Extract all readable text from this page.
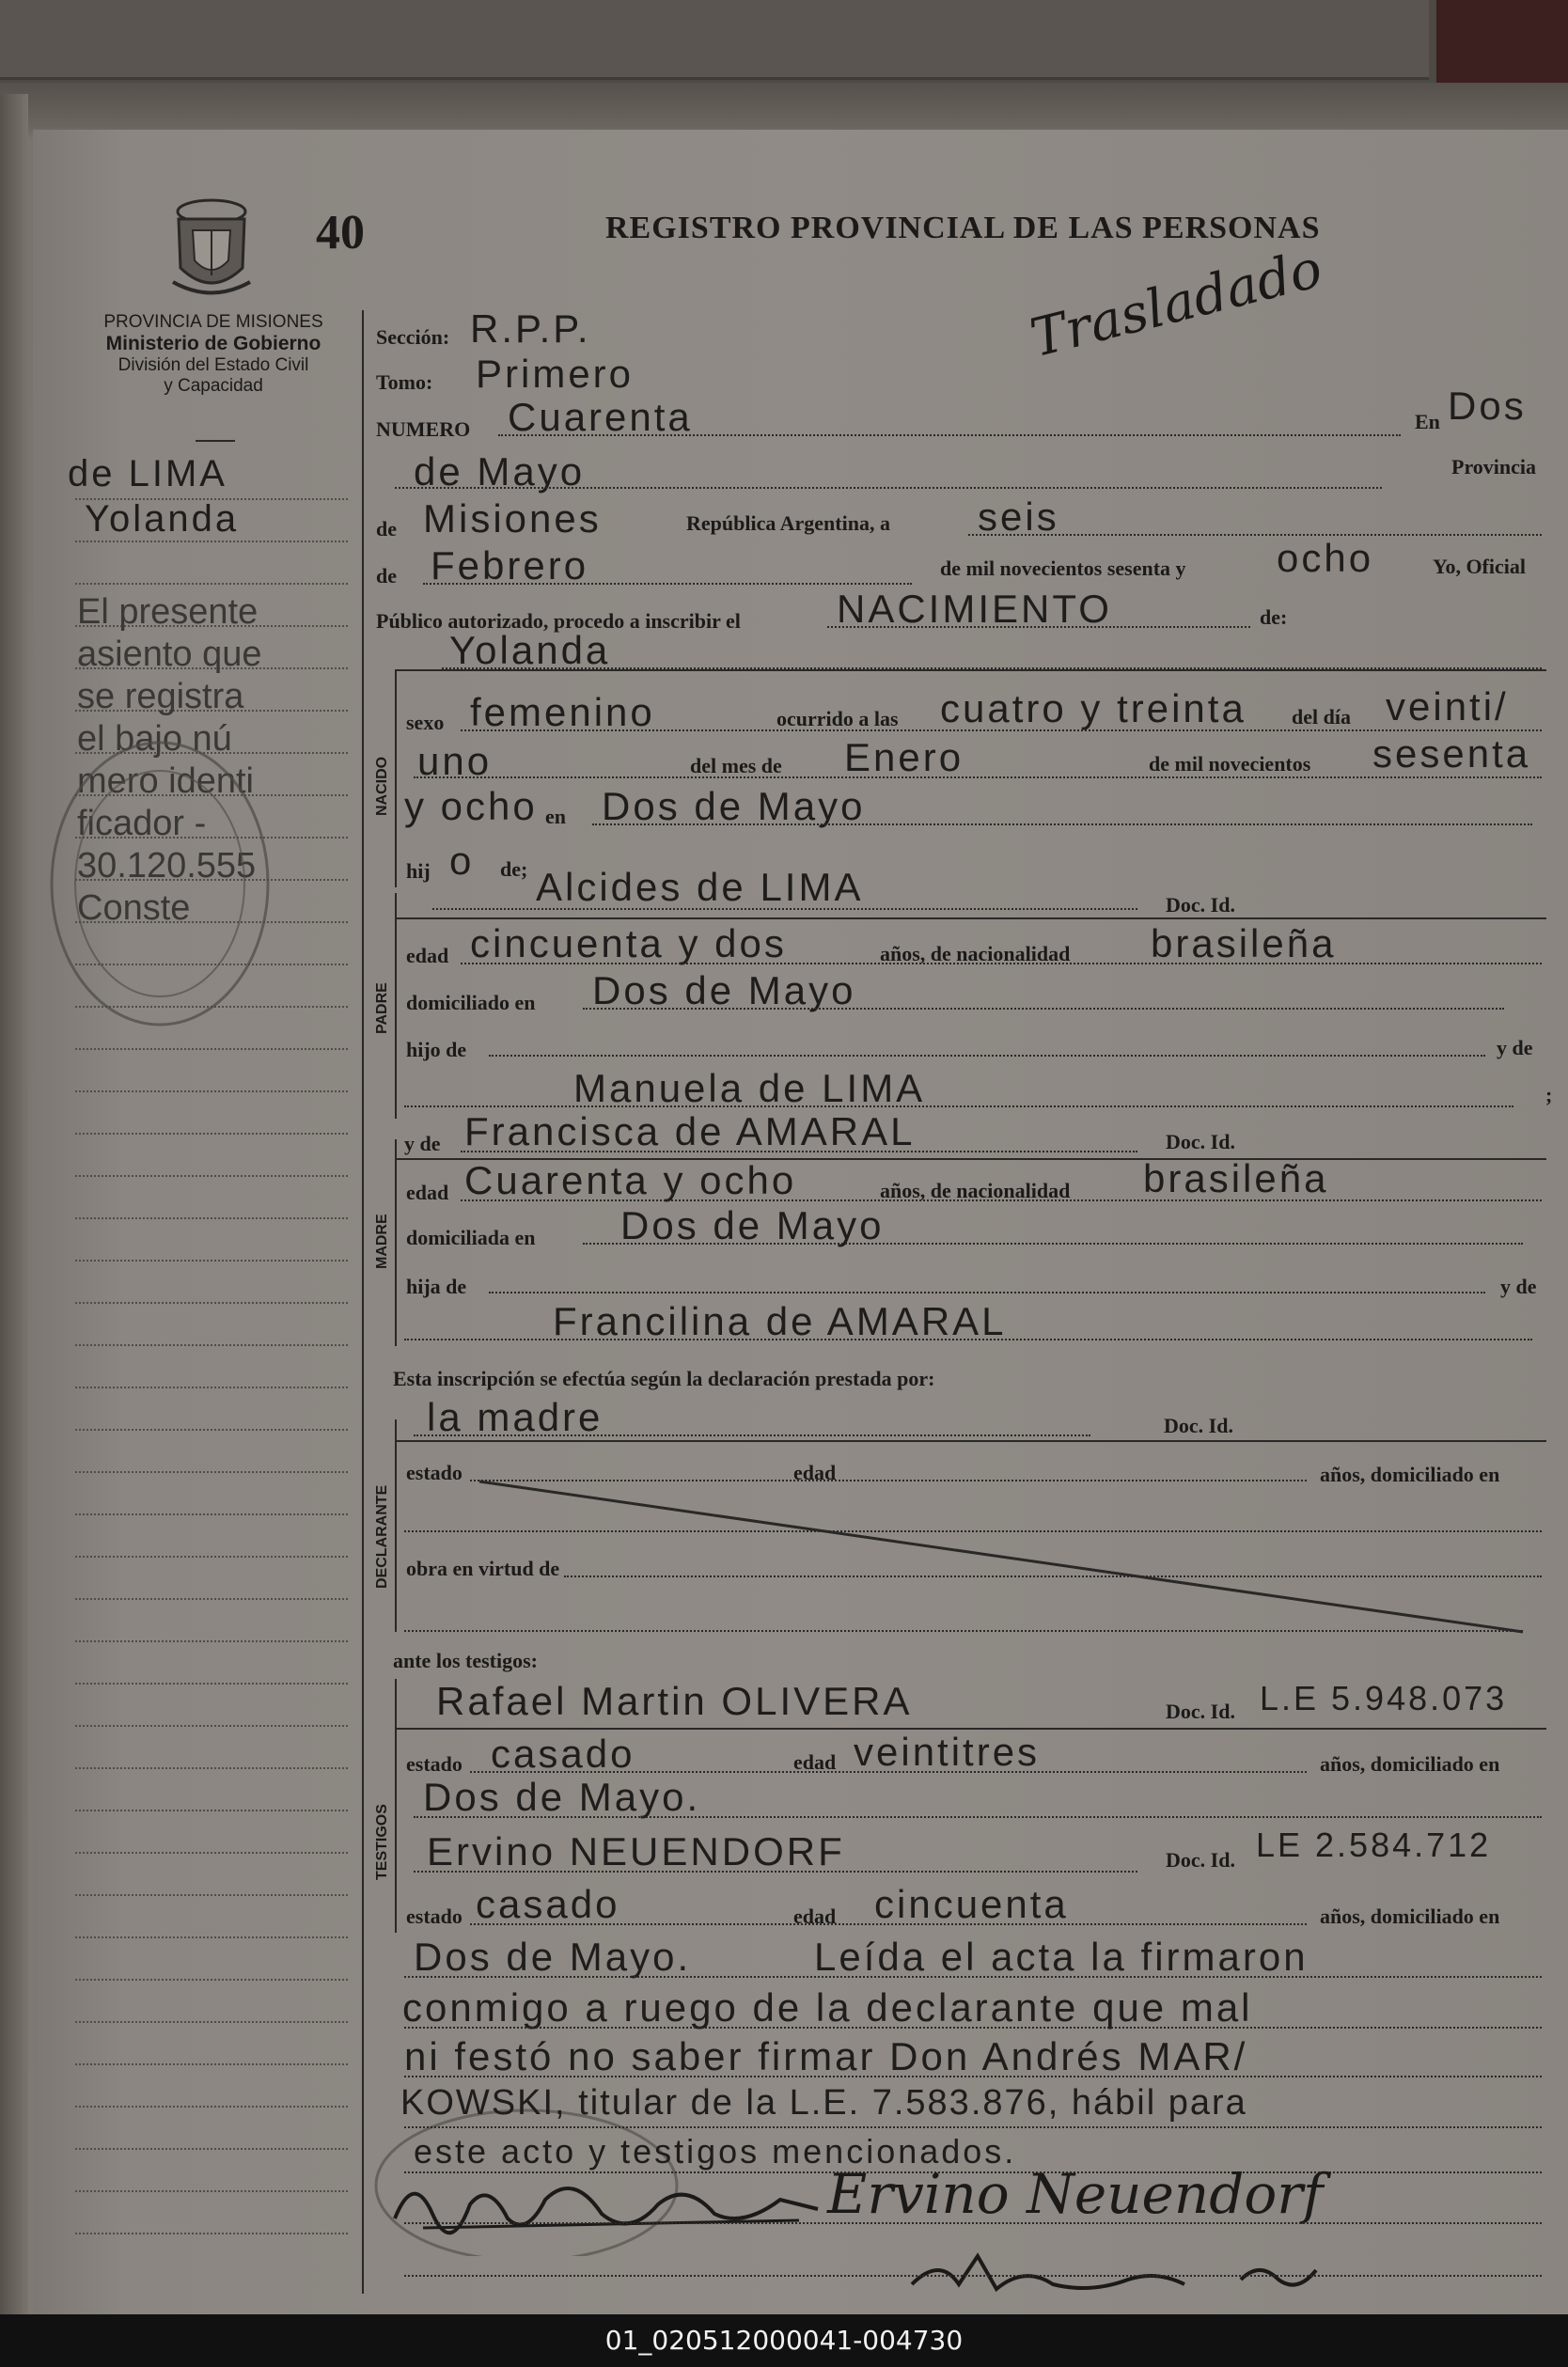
40	REGISTRO PROVINCIAL DE LAS PERSONAS
PROVINCIA DE MISIONES
Ministerio de Gobierno
División del Estado Civil
y Capacidad
Trasladado
de LIMA
Yolanda
El presente
asiento que
se registra
el bajo nú
mero identi
ficador -
30.120.555
Conste
Sección: R.P.P.
Tomo: Primero
NUMERO Cuarenta	En Dos
de Mayo	Provincia
de Misiones	República Argentina, a seis
de Febrero	de mil novecientos sesenta y ocho	Yo, Oficial
Público autorizado, procedo a inscribir el NACIMIENTO	de:
Yolanda
NACIDO
sexo femenino	ocurrido a las cuatro y treinta del día veinti/
uno	del mes de Enero	de mil novecientos sesenta
y ocho en Dos de Mayo
hij o de;
PADRE
Alcides de LIMA	Doc. Id.
edad cincuenta y dos	años, de nacionalidad brasileña
domiciliado en Dos de Mayo
hijo de	y de
Manuela de LIMA	;
y de Francisca de AMARAL	Doc. Id.
MADRE
edad Cuarenta y ocho	años, de nacionalidad brasileña
domiciliada en Dos de Mayo
hija de	y de
Francilina de AMARAL
Esta inscripción se efectúa según la declaración prestada por:
la madre	Doc. Id.
DECLARANTE
estado	edad	años, domiciliado en
obra en virtud de
ante los testigos:
TESTIGOS
Rafael Martin OLIVERA	Doc. Id. L.E 5.948.073
estado casado	edad veintitres	años, domiciliado en
Dos de Mayo.
Ervino NEUENDORF	Doc. Id. LE 2.584.712
estado casado	edad cincuenta	años, domiciliado en
Dos de Mayo.	Leída el acta la firmaron
conmigo a ruego de la declarante que mal
ni festó no saber firmar Don Andrés MAR/
KOWSKI, titular de la L.E. 7.583.876, hábil para
este acto y testigos mencionados.
Ervino Neuendorf
01_020512000041-004730
